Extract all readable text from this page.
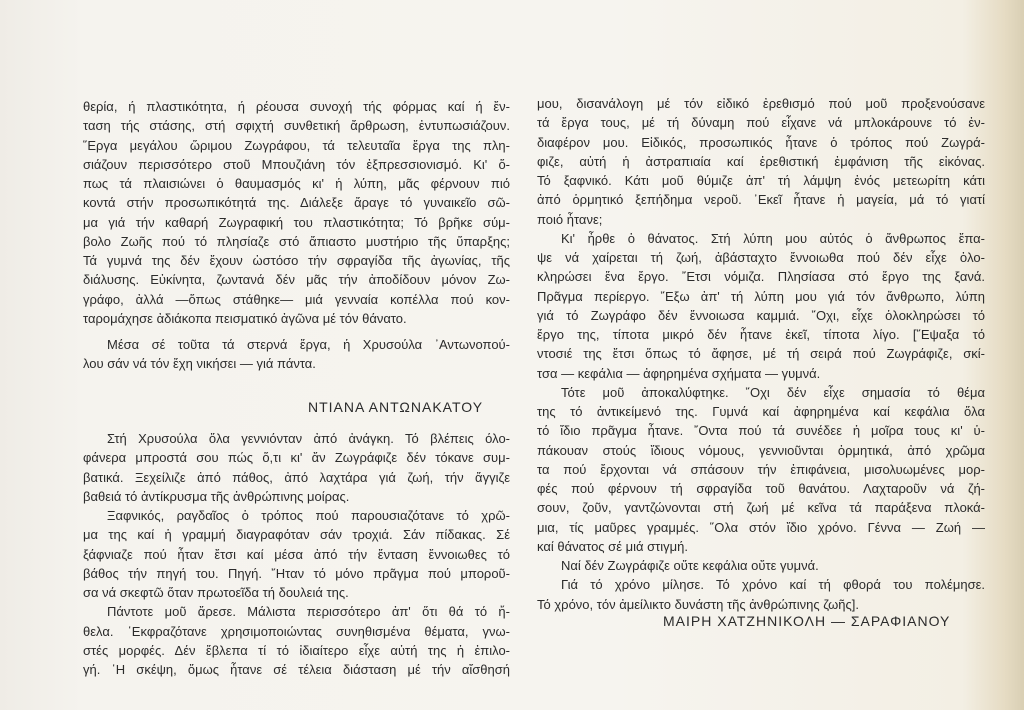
θερία, ή πλαστικότητα, ή ρέουσα συνοχή τής φόρμας καί ή ἔν-
ταση τής στάσης, στή σφιχτή συνθετική ἄρθρωση, ἐντυπωσιάζουν.
῞Εργα μεγάλου ὥριμου Ζωγράφου, τά τελευταῖα ἔργα της πλη-
σιάζουν περισσότερο στοῦ Μπουζιάνη τόν ἐξπρεσσιονισμό. Κι' ὅ-
πως τά πλαισιώνει ὁ θαυμασμός κι' ἡ λύπη, μᾶς φέρνουν πιό
κοντά στήν προσωπικότητά της. Διάλεξε ἄραγε τό γυναικεῖο σῶ-
μα γιά τήν καθαρή Ζωγραφική του πλαστικότητα; Τό βρῆκε σύμ-
βολο Ζωῆς πού τό πλησίαζε στό ἄπιαστο μυστήριο τῆς ὕπαρξης;
Τά γυμνά της δέν ἔχουν ὡστόσο τήν σφραγίδα τῆς ἀγωνίας, τῆς
διάλυσης. Εὐκίνητα, ζωντανά δέν μᾶς τήν ἀποδίδουν μόνον Ζω-
γράφο, ἀλλά —ὅπως στάθηκε— μιά γενναία κοπέλλα πού κον-
ταρομάχησε ἀδιάκοπα πεισματικό ἀγῶνα μέ τόν θάνατο.
Μέσα σέ τοῦτα τά στερνά ἔργα, ἡ Χρυσούλα ᾿Αντωνοπού-
λου σάν νά τόν ἔχη νικήσει — γιά πάντα.
ΝΤΙΑΝΑ ΑΝΤΩΝΑΚΑΤΟΥ
Στή Χρυσούλα ὅλα γεννιόνταν ἀπό ἀνάγκη. Τό βλέπεις όλο-
φάνερα μπροστά σου πώς ὅ,τι κι' ἄν Ζωγράφιζε δέν τόκανε συμ-
βατικά. Ξεχείλιζε ἀπό πάθος, ἀπό λαχτάρα γιά ζωή, τήν ἄγγιζε
βαθειά τό ἀντίκρυσμα τῆς ἀνθρώπινης μοίρας.
Ξαφνικός, ραγδαῖος ὁ τρόπος πού παρουσιαζότανε τό χρῶ-
μα της καί ἡ γραμμή διαγραφόταν σάν τροχιά. Σάν πίδακας. Σέ
ξάφνιαζε πού ἦταν ἔτσι καί μέσα ἀπό τήν ἔνταση ἔννοιωθες τό
βάθος τήν πηγή του. Πηγή. ῎Ηταν τό μόνο πρᾶγμα πού μποροῦ-
σα νά σκεφτῶ ὅταν πρωτοεῖδα τή δουλειά της.
Πάντοτε μοῦ ἄρεσε. Μάλιστα περισσότερο ἀπ' ὅτι θά τό ἤ-
θελα. ῾Εκφραζότανε χρησιμοποιώντας συνηθισμένα θέματα, γνω-
στές μορφές. Δέν ἔβλεπα τί τό ἰδιαίτερο εἶχε αὐτή της ἡ ἐπιλο-
γή. ῾Η σκέψη, ὅμως ἦτανε σέ τέλεια διάσταση μέ τήν αἴσθησή
μου, δισανάλογη μέ τόν εἰδικό ἐρεθισμό πού μοῦ προξενούσανε
τά ἔργα τους, μέ τή δύναμη πού εἶχανε νά μπλοκάρουνε τό ἐν-
διαφέρον μου. Εἰδικός, προσωπικός ἦτανε ὁ τρόπος πού Ζωγρά-
φιζε, αὐτή ἡ ἀστραπιαία καί ἐρεθιστική ἐμφάνιση τῆς εἰκόνας.
Τό ξαφνικό. Κάτι μοῦ θύμιζε ἀπ' τή λάμψη ἑνός μετεωρίτη κάτι
ἀπό ὁρμητικό ξεπήδημα νεροῦ. ᾿Εκεῖ ἦτανε ἡ μαγεία, μά τό γιατί
ποιό ἦτανε;
Κι' ἦρθε ὁ θάνατος. Στή λύπη μου αὐτός ὁ ἄνθρωπος ἔπα-
ψε νά χαίρεται τή ζωή, ἀβάσταχτο ἔννοιωθα πού δέν εἶχε ὁλο-
κληρώσει ἕνα ἔργο. ῎Ετσι νόμιζα. Πλησίασα στό ἔργο της ξανά.
Πρᾶγμα περίεργο. ῎Εξω ἀπ' τή λύπη μου γιά τόν ἄνθρωπο, λύπη
γιά τό Ζωγράφο δέν ἔννοιωσα καμμιά. ῎Οχι, εἶχε ὁλοκληρώσει τό
ἔργο της, τίποτα μικρό δέν ἦτανε ἐκεῖ, τίποτα λίγο. [῎Εψαξα τό
ντοσιέ της ἔτσι ὅπως τό ἄφησε, μέ τή σειρά πού Ζωγράφιζε, σκί-
τσα — κεφάλια — ἀφηρημένα σχήματα — γυμνά.
Τότε μοῦ ἀποκαλύφτηκε. ῎Οχι δέν εἶχε σημασία τό θέμα
της τό ἀντικείμενό της. Γυμνά καί ἀφηρημένα καί κεφάλια ὅλα
τό ἴδιο πρᾶγμα ἦτανε. ῎Οντα πού τά συνέδεε ἡ μοῖρα τους κι' ὑ-
πάκουαν στούς ἴδιους νόμους, γεννιοῦνται ὁρμητικά, ἀπό χρῶμα
τα πού ἔρχονται νά σπάσουν τήν ἐπιφάνεια, μισολυωμένες μορ-
φές πού φέρνουν τή σφραγίδα τοῦ θανάτου. Λαχταροῦν νά ζή-
σουν, ζοῦν, γαντζώνονται στή ζωή μέ κεῖνα τά παράξενα πλοκά-
μια, τίς μαῦρες γραμμές. ῞Ολα στόν ἴδιο χρόνο. Γέννα — Ζωή —
καί θάνατος σέ μιά στιγμή.
Ναί δέν Ζωγράφιζε οὔτε κεφάλια οὔτε γυμνά.
Γιά τό χρόνο μίλησε. Τό χρόνο καί τή φθορά του πολέμησε.
Τό χρόνο, τόν ἀμείλικτο δυνάστη τῆς ἀνθρώπινης ζωῆς].
ΜΑΙΡΗ ΧΑΤΖΗΝΙΚΟΛΗ — ΣΑΡΑΦΙΑΝΟΥ
